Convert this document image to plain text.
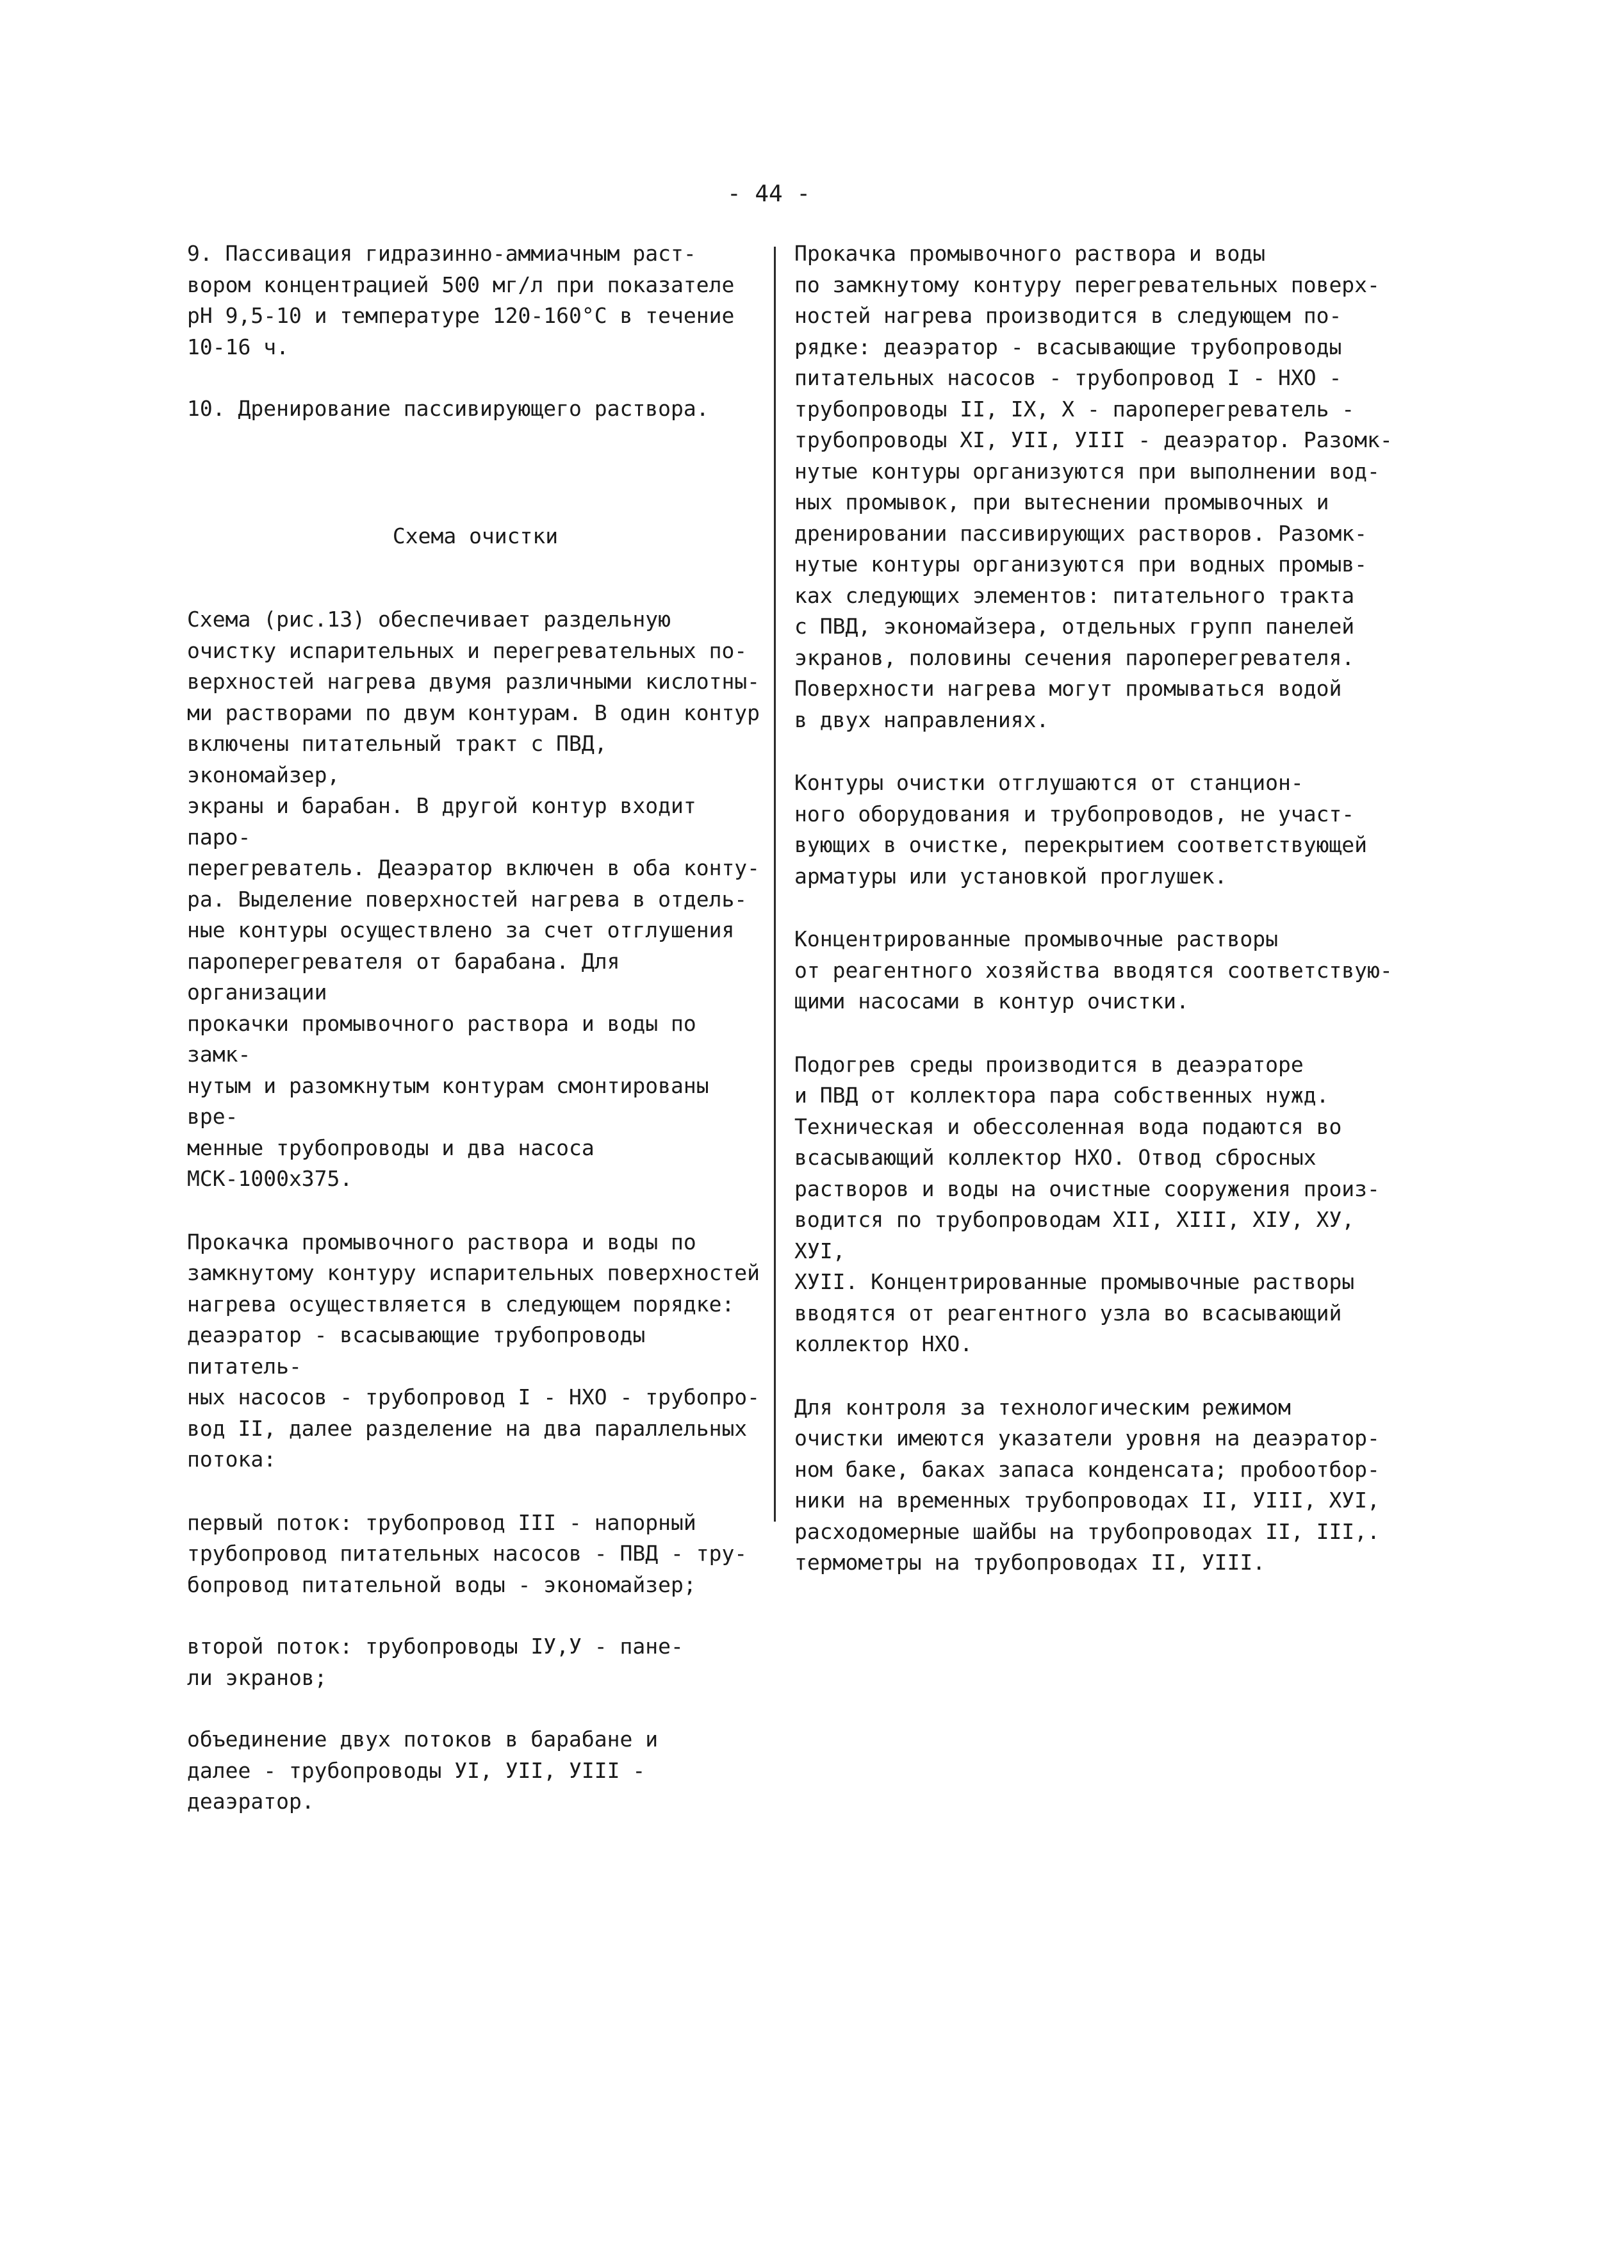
- 44 -

9. Пассивация гидразинно-аммиачным раст-
вором концентрацией 500 мг/л при показателе
pH 9,5-10 и температуре 120-160°С в течение
10-16 ч.

10. Дренирование пассивирующего раствора.

Схема очистки

Схема (рис.13) обеспечивает раздельную
очистку испарительных и перегревательных по-
верхностей нагрева двумя различными кислотны-
ми растворами по двум контурам. В один контур
включены питательный тракт с ПВД, экономайзер,
экраны и барабан. В другой контур входит паро-
перегреватель. Деаэратор включен в оба конту-
ра. Выделение поверхностей нагрева в отдель-
ные контуры осуществлено за счет отглушения
пароперегревателя от барабана. Для организации
прокачки промывочного раствора и воды по замк-
нутым и разомкнутым контурам смонтированы вре-
менные трубопроводы и два насоса МСК-1000х375.

Прокачка промывочного раствора и воды по
замкнутому контуру испарительных поверхностей
нагрева осуществляется в следующем порядке:
деаэратор - всасывающие трубопроводы питатель-
ных насосов - трубопровод I - НХО - трубопро-
вод II, далее разделение на два параллельных
потока:

первый поток: трубопровод III - напорный
трубопровод питательных насосов - ПВД - тру-
бопровод питательной воды - экономайзер;

второй поток: трубопроводы IУ,У - пане-
ли экранов;

объединение двух потоков в барабане и
далее - трубопроводы УI, УII, УIII - деаэратор.

Прокачка промывочного раствора и воды
по замкнутому контуру перегревательных поверх-
ностей нагрева производится в следующем по-
рядке: деаэратор - всасывающие трубопроводы
питательных насосов - трубопровод I - НХО -
трубопроводы II, IX, X - пароперегреватель -
трубопроводы XI, УII, УIII - деаэратор. Разомк-
нутые контуры организуются при выполнении вод-
ных промывок, при вытеснении промывочных и
дренировании пассивирующих растворов. Разомк-
нутые контуры организуются при водных промыв-
ках следующих элементов: питательного тракта
с ПВД, экономайзера, отдельных групп панелей
экранов, половины сечения пароперегревателя.
Поверхности нагрева могут промываться водой
в двух направлениях.

Контуры очистки отглушаются от станцион-
ного оборудования и трубопроводов, не участ-
вующих в очистке, перекрытием соответствующей
арматуры или установкой проглушек.

Концентрированные промывочные растворы
от реагентного хозяйства вводятся соответствую-
щими насосами в контур очистки.

Подогрев среды производится в деаэраторе
и ПВД от коллектора пара собственных нужд.
Техническая и обессоленная вода подаются во
всасывающий коллектор НХО. Отвод сбросных
растворов и воды на очистные сооружения произ-
водится по трубопроводам XII, XIII, XIУ, XУ, XУI,
XУII. Концентрированные промывочные растворы
вводятся от реагентного узла во всасывающий
коллектор НХО.

Для контроля за технологическим режимом
очистки имеются указатели уровня на деаэратор-
ном баке, баках запаса конденсата; пробоотбор-
ники на временных трубопроводах II, УIII, XУI,
расходомерные шайбы на трубопроводах II, III,.
термометры на трубопроводах II, УIII.
